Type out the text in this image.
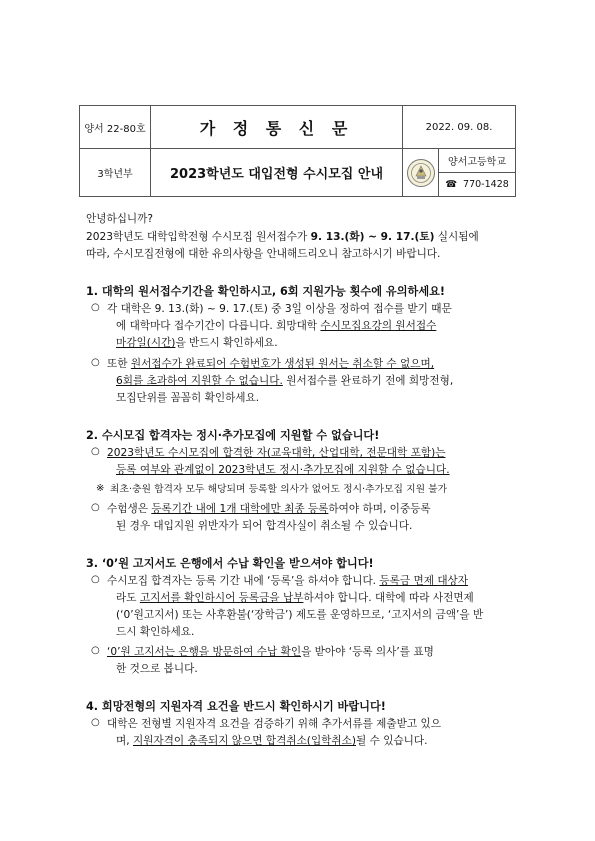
양서 22-80호	가 정 통 신 문	2022. 09. 08.
3학년부	2023학년도 대입전형 수시모집 안내
양서고등학교
☎ 770-1428
안녕하십니까?
2023학년도 대학입학전형 수시모집 원서접수가 9. 13.(화) ~ 9. 17.(토) 실시됨에
따라, 수시모집전형에 대한 유의사항을 안내해드리오니 참고하시기 바랍니다.
1. 대학의 원서접수기간을 확인하시고, 6회 지원가능 횟수에 유의하세요!
○ 각 대학은 9. 13.(화) ~ 9. 17.(토) 중 3일 이상을 정하여 접수를 받기 때문
에 대학마다 접수기간이 다릅니다. 희망대학 수시모집요강의 원서접수
마감일(시간)을 반드시 확인하세요.
○ 또한 원서접수가 완료되어 수험번호가 생성된 원서는 취소할 수 없으며,
6회를 초과하여 지원할 수 없습니다. 원서접수를 완료하기 전에 희망전형,
모집단위를 꼼꼼히 확인하세요.
2. 수시모집 합격자는 정시·추가모집에 지원할 수 없습니다!
○ 2023학년도 수시모집에 합격한 자(교육대학, 산업대학, 전문대학 포함)는
등록 여부와 관계없이 2023학년도 정시·추가모집에 지원할 수 없습니다.
※ 최초·충원 합격자 모두 해당되며 등록할 의사가 없어도 정시·추가모집 지원 불가
○ 수험생은 등록기간 내에 1개 대학에만 최종 등록하여야 하며, 이중등록
된 경우 대입지원 위반자가 되어 합격사실이 취소될 수 있습니다.
3. ‘0’원 고지서도 은행에서 수납 확인을 받으셔야 합니다!
○ 수시모집 합격자는 등록 기간 내에 ‘등록’을 하셔야 합니다. 등록금 면제 대상자
라도 고지서를 확인하시어 등록금을 납부하셔야 합니다. 대학에 따라 사전면제
(‘0’원고지서) 또는 사후환불(‘장학금’) 제도를 운영하므로, ‘고지서의 금액’을 반
드시 확인하세요.
○ ‘0’원 고지서는 은행을 방문하여 수납 확인을 받아야 ‘등록 의사’를 표명
한 것으로 봅니다.
4. 희망전형의 지원자격 요건을 반드시 확인하시기 바랍니다!
○ 대학은 전형별 지원자격 요건을 검증하기 위해 추가서류를 제출받고 있으
며, 지원자격이 충족되지 않으면 합격취소(입학취소)될 수 있습니다.
